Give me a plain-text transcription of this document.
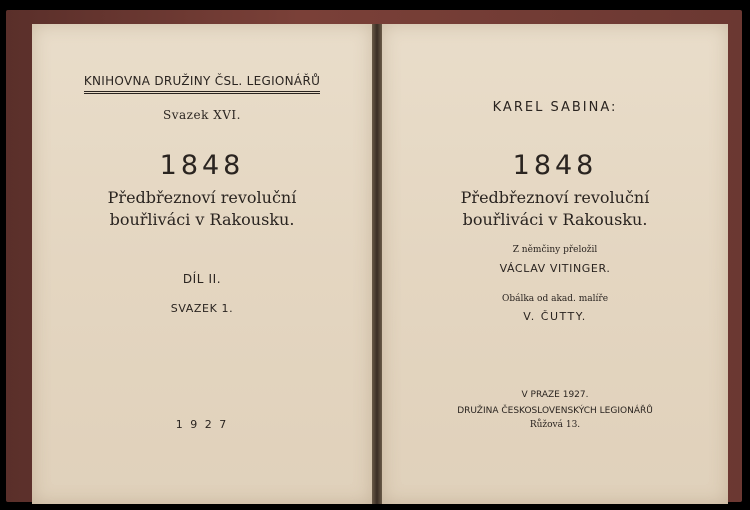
KNIHOVNA DRUŽINY ČSL. LEGIONÁŘŮ

Svazek XVI.

1848

Předbřeznoví revoluční

bouřliváci v Rakousku.

DÍL II.

SVAZEK 1.

1 9 2 7

KAREL SABINA:

1848

Předbřeznoví revoluční

bouřliváci v Rakousku.

Z němčiny přeložil

VÁCLAV VITINGER.

Obálka od akad. malíře

V. ČUTTY.

V PRAZE 1927.

DRUŽINA ČESKOSLOVENSKÝCH LEGIONÁŘŮ

Růžová 13.
